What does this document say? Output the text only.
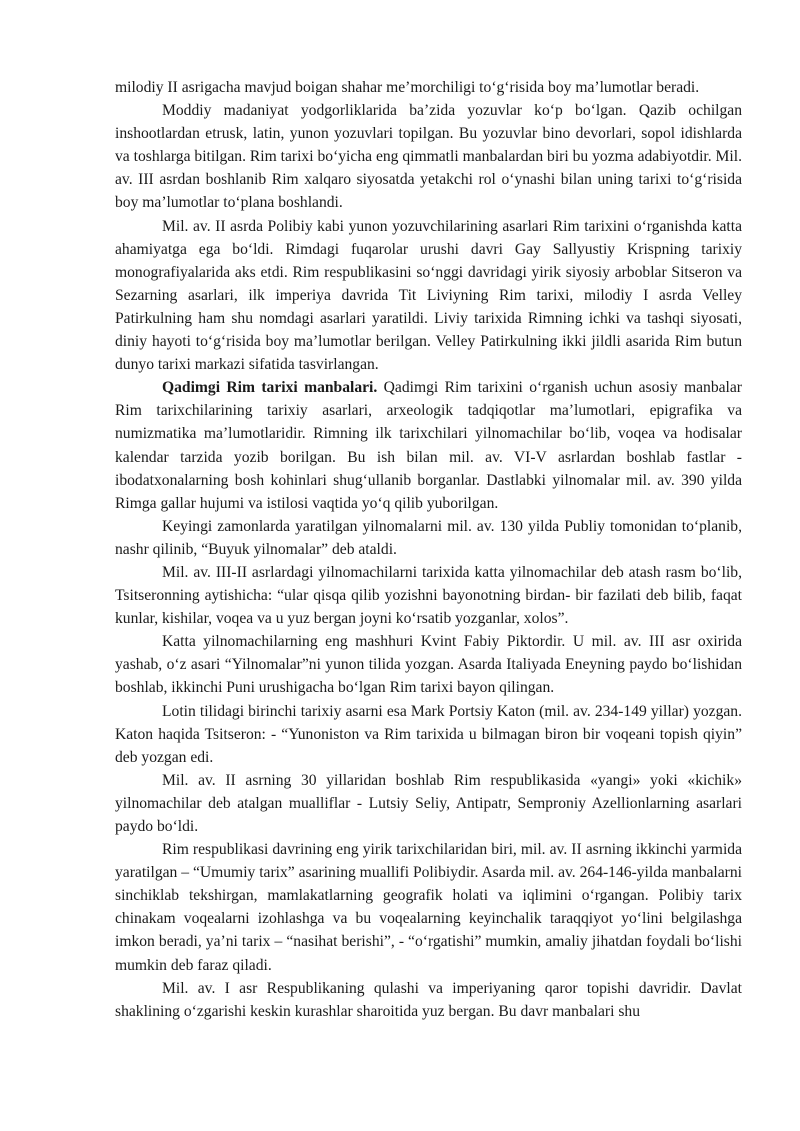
milodiy II asrigacha mavjud boigan shahar me’morchiligi to‘g‘risida boy ma’lumotlar beradi.

Moddiy madaniyat yodgorliklarida ba’zida yozuvlar ko‘p bo‘lgan. Qazib ochilgan inshootlardan etrusk, latin, yunon yozuvlari topilgan. Bu yozuvlar bino devorlari, sopol idishlarda va toshlarga bitilgan. Rim tarixi bo‘yicha eng qimmatli manbalardan biri bu yozma adabiyotdir. Mil. av. III asrdan boshlanib Rim xalqaro siyosatda yetakchi rol o‘ynashi bilan uning tarixi to‘g‘risida boy ma’lumotlar to‘plana boshlandi.

Mil. av. II asrda Polibiy kabi yunon yozuvchilarining asarlari Rim tarixini o‘rganishda katta ahamiyatga ega bo‘ldi. Rimdagi fuqarolar urushi davri Gay Sallyustiy Krispning tarixiy monografiyalarida aks etdi. Rim respublikasini so‘nggi davridagi yirik siyosiy arboblar Sitseron va Sezarning asarlari, ilk imperiya davrida Tit Liviyning Rim tarixi, milodiy I asrda Velley Patirkulning ham shu nomdagi asarlari yaratildi. Liviy tarixida Rimning ichki va tashqi siyosati, diniy hayoti to‘g‘risida boy ma’lumotlar berilgan. Velley Patirkulning ikki jildli asarida Rim butun dunyo tarixi markazi sifatida tasvirlangan.

Qadimgi Rim tarixi manbalari. Qadimgi Rim tarixini o‘rganish uchun asosiy manbalar Rim tarixchilarining tarixiy asarlari, arxeologik tadqiqotlar ma’lumotlari, epigrafika va numizmatika ma’lumotlaridir. Rimning ilk tarixchilari yilnomachilar bo‘lib, voqea va hodisalar kalendar tarzida yozib borilgan. Bu ish bilan mil. av. VI-V asrlardan boshlab fastlar - ibodatxonalarning bosh kohinlari shug‘ullanib borganlar. Dastlabki yilnomalar mil. av. 390 yilda Rimga gallar hujumi va istilosi vaqtida yo‘q qilib yuborilgan.

Keyingi zamonlarda yaratilgan yilnomalarni mil. av. 130 yilda Publiy tomonidan to‘planib, nashr qilinib, “Buyuk yilnomalar” deb ataldi.

Mil. av. III-II asrlardagi yilnomachilarni tarixida katta yilnomachilar deb atash rasm bo‘lib, Tsitseronning aytishicha: “ular qisqa qilib yozishni bayonotning birdan- bir fazilati deb bilib, faqat kunlar, kishilar, voqea va u yuz bergan joyni ko‘rsatib yozganlar, xolos”.

Katta yilnomachilarning eng mashhuri Kvint Fabiy Piktordir. U mil. av. III asr oxirida yashab, o‘z asari “Yilnomalar”ni yunon tilida yozgan. Asarda Italiyada Eneyning paydo bo‘lishidan boshlab, ikkinchi Puni urushigacha bo‘lgan Rim tarixi bayon qilingan.

Lotin tilidagi birinchi tarixiy asarni esa Mark Portsiy Katon (mil. av. 234-149 yillar) yozgan. Katon haqida Tsitseron: - “Yunoniston va Rim tarixida u bilmagan biron bir voqeani topish qiyin” deb yozgan edi.

Mil. av. II asrning 30 yillaridan boshlab Rim respublikasida «yangi» yoki «kichik» yilnomachilar deb atalgan mualliflar - Lutsiy Seliy, Antipatr, Semproniy Azellionlarning asarlari paydo bo‘ldi.

Rim respublikasi davrining eng yirik tarixchilaridan biri, mil. av. II asrning ikkinchi yarmida yaratilgan – “Umumiy tarix” asarining muallifi Polibiydir. Asarda mil. av. 264-146-yilda manbalarni sinchiklab tekshirgan, mamlakatlarning geografik holati va iqlimini o‘rgangan. Polibiy tarix chinakam voqealarni izohlashga va bu voqealarning keyinchalik taraqqiyot yo‘lini belgilashga imkon beradi, ya’ni tarix – “nasihat berishi”, - “o‘rgatishi” mumkin, amaliy jihatdan foydali bo‘lishi mumkin deb faraz qiladi.

Mil. av. I asr Respublikaning qulashi va imperiyaning qaror topishi davridir. Davlat shaklining o‘zgarishi keskin kurashlar sharoitida yuz bergan. Bu davr manbalari shu
